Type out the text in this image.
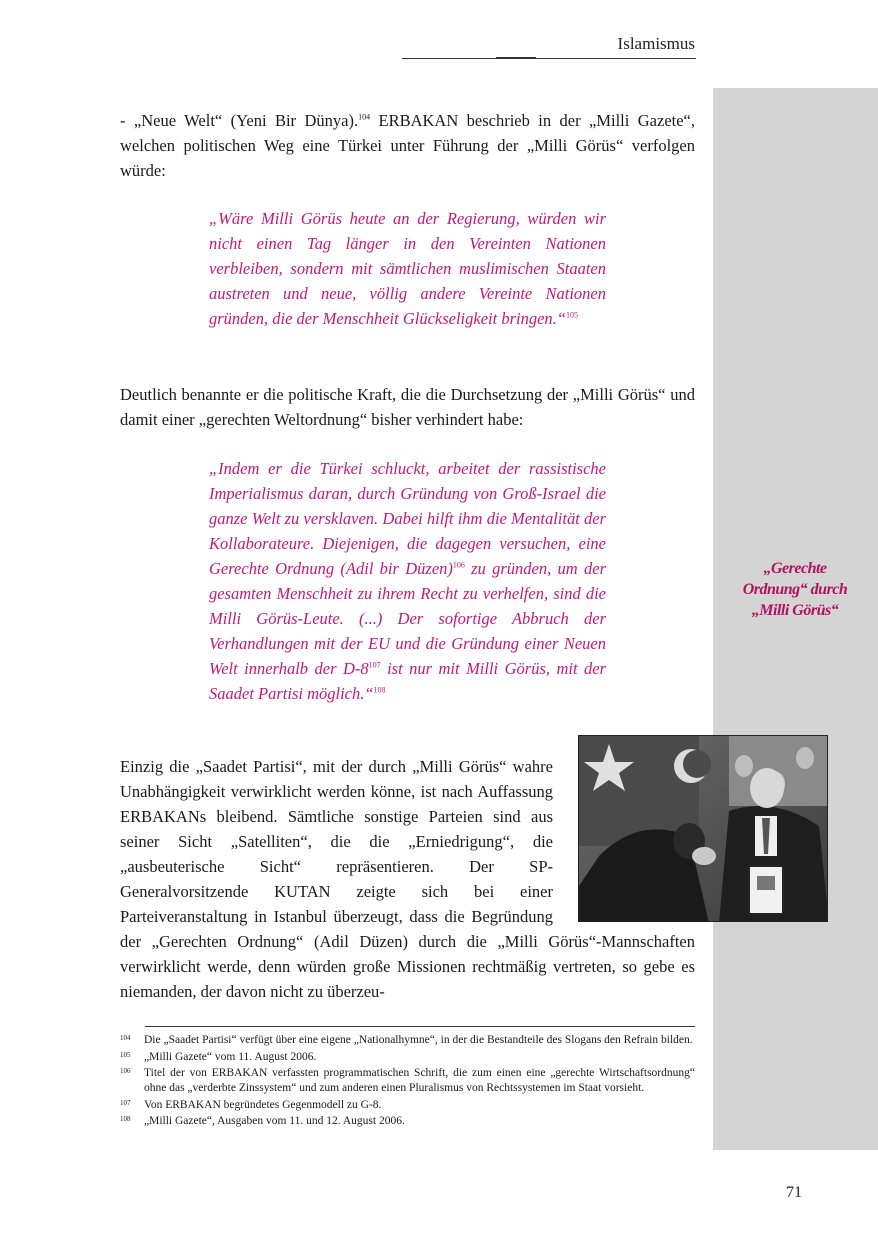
Islamismus
„Gerechte
Ordnung“ durch
„Milli Görüs“

- „Neue Welt“ (Yeni Bir Dünya).$^{104}$ ERBAKAN beschrieb in der „Milli Gazete“, welchen politischen Weg eine Türkei unter Führung der „Milli Görüs“ verfolgen würde:

„Wäre Milli Görüs heute an der Regierung, würden wir nicht einen Tag länger in den Vereinten Nationen verbleiben, sondern mit sämtlichen muslimischen Staaten austreten und neue, völlig andere Vereinte Nationen gründen, die der Menschheit Glückseligkeit bringen.“$^{105}$

Deutlich benannte er die politische Kraft, die die Durchsetzung der „Milli Görüs“ und damit einer „gerechten Weltordnung“ bisher verhindert habe:

„Indem er die Türkei schluckt, arbeitet der rassistische Imperialismus daran, durch Gründung von Groß-Israel die ganze Welt zu versklaven. Dabei hilft ihm die Mentalität der Kollaborateure. Diejenigen, die dagegen versuchen, eine Gerechte Ordnung (Adil bir Düzen)$^{106}$ zu gründen, um der gesamten Menschheit zu ihrem Recht zu verhelfen, sind die Milli Görüs-Leute. (...) Der sofortige Abbruch der Verhandlungen mit der EU und die Gründung einer Neuen Welt innerhalb der D-8$^{107}$ ist nur mit Milli Görüs, mit der Saadet Partisi möglich.“$^{108}$

Einzig die „Saadet Partisi“, mit der durch „Milli Görüs“ wahre Unabhängigkeit verwirklicht werden könne, ist nach Auffassung ERBAKANs bleibend. Sämtliche sonstige Parteien sind aus seiner Sicht „Satelliten“, die die „Erniedrigung“, die „ausbeuterische Sicht“ repräsentieren. Der SP-Generalvorsitzende KUTAN zeigte sich bei einer Parteiveranstaltung in Istanbul überzeugt, dass die Begründung der „Gerechten Ordnung“ (Adil Düzen) durch die „Milli Görüs“-Mannschaften verwirklicht werde, denn würden große Missionen rechtmäßig vertreten, so gebe es niemanden, der davon nicht zu überzeu-

104 Die „Saadet Partisi“ verfügt über eine eigene „Nationalhymne“, in der die Bestandteile des Slogans den Refrain bilden.
105 „Milli Gazete“ vom 11. August 2006.
106 Titel der von ERBAKAN verfassten programmatischen Schrift, die zum einen eine „gerechte Wirtschaftsordnung“ ohne das „verderbte Zinssystem“ und zum anderen einen Pluralismus von Rechtssystemen im Staat vorsieht.
107 Von ERBAKAN begründetes Gegenmodell zu G-8.
108 „Milli Gazete“, Ausgaben vom 11. und 12. August 2006.
71
